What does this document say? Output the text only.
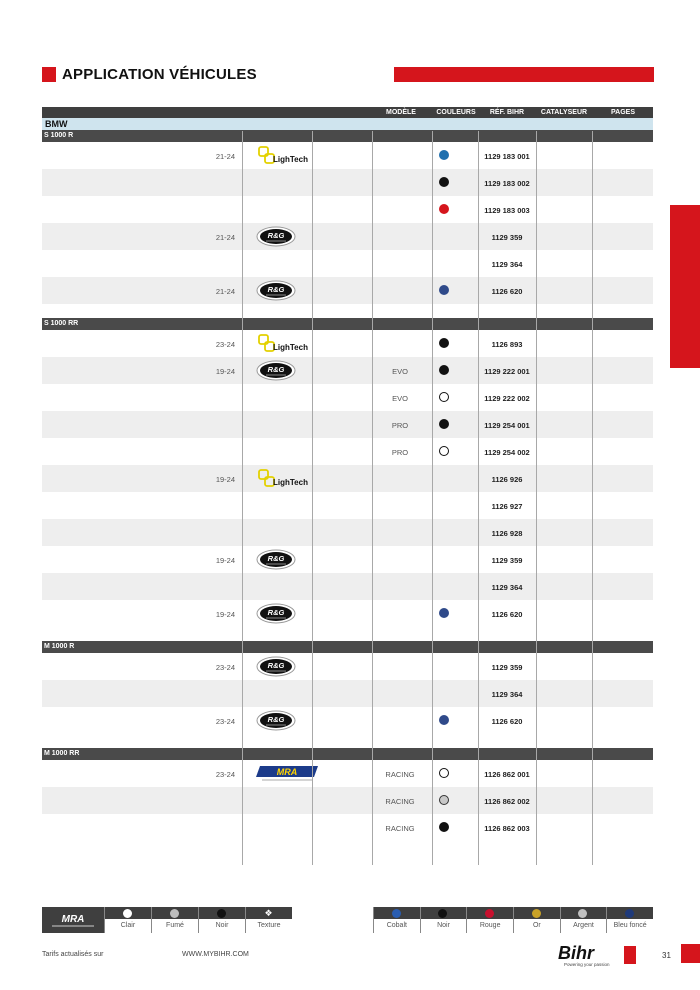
APPLICATION VÉHICULES
MODÈLE	COULEURS	RÉF. BIHR	CATALYSEUR	PAGES
BMW
S 1000 R
21-24	LighTech	1129 183 001
1129 183 002
1129 183 003
21-24	R&G	1129 359
1129 364
21-24	R&G	1126 620
S 1000 RR
23-24	LighTech	1126 893
19-24	R&G	EVO	1129 222 001
EVO	1129 222 002
PRO	1129 254 001
PRO	1129 254 002
19-24	LighTech	1126 926
1126 927
1126 928
19-24	R&G	1129 359
1129 364
19-24	R&G	1126 620
M 1000 R
23-24	R&G	1129 359
1129 364
23-24	R&G	1126 620
M 1000 RR
23-24	MRA	RACING	1126 862 001
RACING	1126 862 002
RACING	1126 862 003
MRA
Clair	Fumé	Noir
❖
Texture	Cobalt	Noir	Rouge	Or	Argent	Bleu foncé
Tarifs actualisés sur	WWW.MYBIHR.COM	Bihr
Powering your passion
31
